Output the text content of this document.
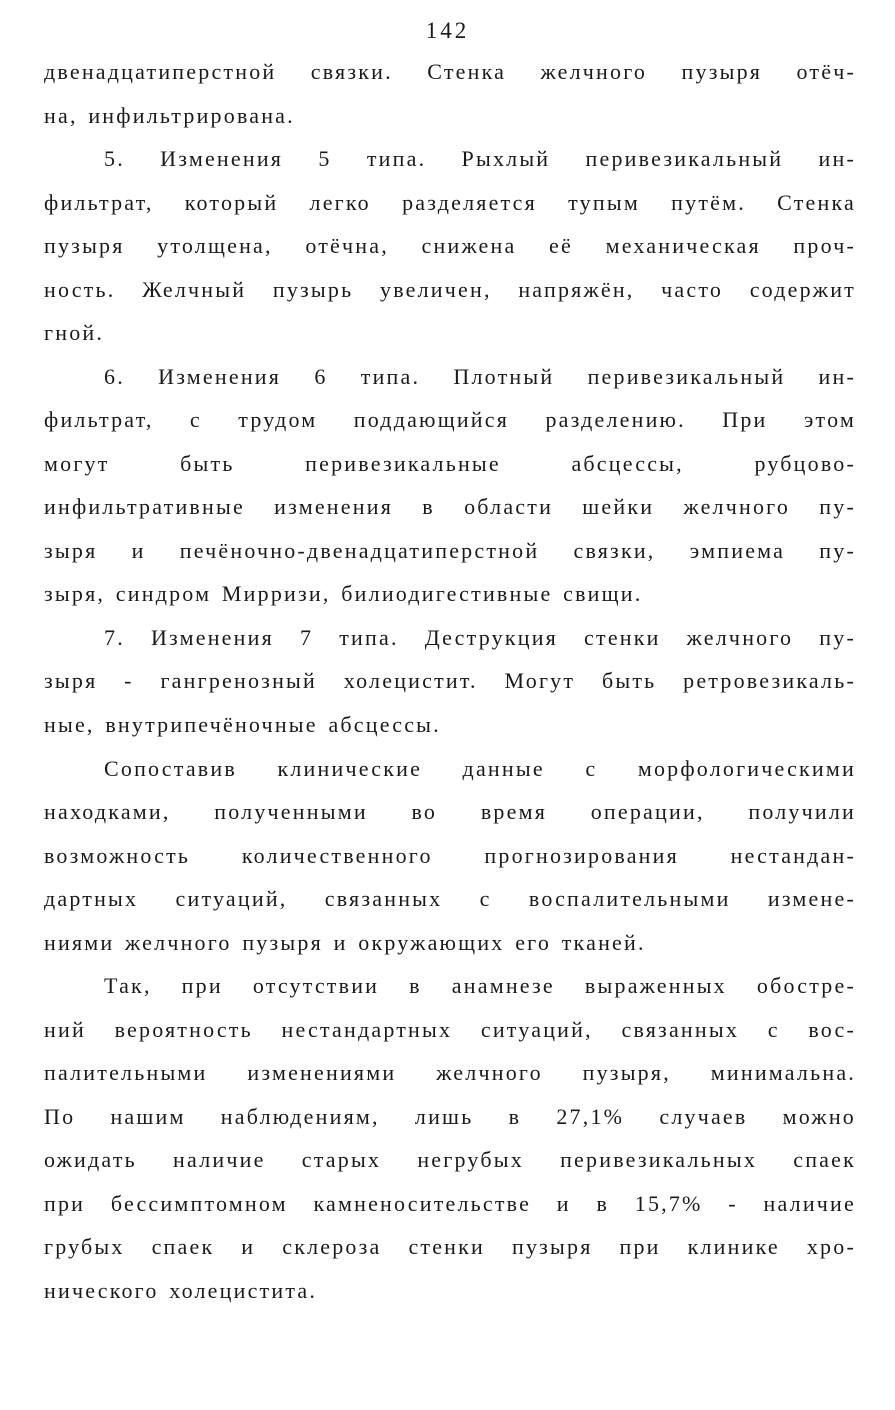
142
двенадцатиперстной связки. Стенка желчного пузыря отёч-
на, инфильтрирована.
5. Изменения 5 типа. Рыхлый перивезикальный ин-
фильтрат, который легко разделяется тупым путём. Стенка
пузыря утолщена, отёчна, снижена её механическая проч-
ность. Желчный пузырь увеличен, напряжён, часто содержит
гной.
6. Изменения 6 типа. Плотный перивезикальный ин-
фильтрат, с трудом поддающийся разделению. При этом
могут быть перивезикальные абсцессы, рубцово-
инфильтративные изменения в области шейки желчного пу-
зыря и печёночно-двенадцатиперстной связки, эмпиема пу-
зыря, синдром Мирризи, билиодигестивные свищи.
7. Изменения 7 типа. Деструкция стенки желчного пу-
зыря - гангренозный холецистит. Могут быть ретровезикаль-
ные, внутрипечёночные абсцессы.
Сопоставив клинические данные с морфологическими
находками, полученными во время операции, получили
возможность количественного прогнозирования нестандан-
дартных ситуаций, связанных с воспалительными измене-
ниями желчного пузыря и окружающих его тканей.
Так, при отсутствии в анамнезе выраженных обостре-
ний вероятность нестандартных ситуаций, связанных с вос-
палительными изменениями желчного пузыря, минимальна.
По нашим наблюдениям, лишь в 27,1% случаев можно
ожидать наличие старых негрубых перивезикальных спаек
при бессимптомном камненосительстве и в 15,7% - наличие
грубых спаек и склероза стенки пузыря при клинике хро-
нического холецистита.
